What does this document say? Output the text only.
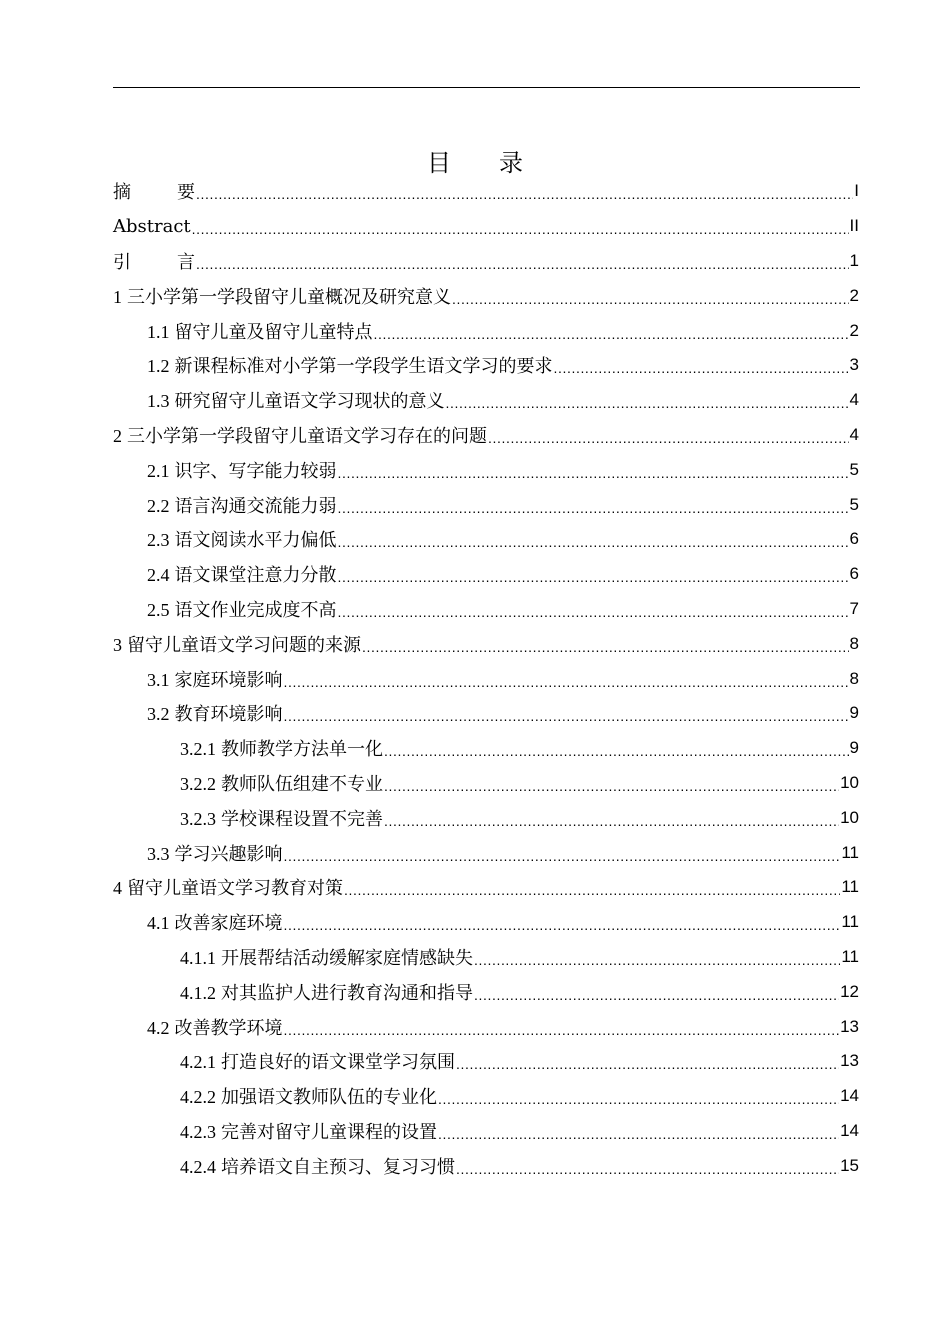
目 录
摘	要 .....	I
Abstract .....	II
引	言 .....	1
1 三小学第一学段留守儿童概况及研究意义 .....	2
1.1 留守儿童及留守儿童特点 .....	2
1.2 新课程标准对小学第一学段学生语文学习的要求 .....	3
1.3 研究留守儿童语文学习现状的意义 .....	4
2 三小学第一学段留守儿童语文学习存在的问题 .....	4
2.1 识字、写字能力较弱 .....	5
2.2 语言沟通交流能力弱 .....	5
2.3 语文阅读水平力偏低 .....	6
2.4 语文课堂注意力分散 .....	6
2.5 语文作业完成度不高 .....	7
3 留守儿童语文学习问题的来源 .....	8
3.1 家庭环境影响 .....	8
3.2 教育环境影响 .....	9
3.2.1 教师教学方法单一化 .....	9
3.2.2 教师队伍组建不专业 .....	10
3.2.3 学校课程设置不完善 .....	10
3.3 学习兴趣影响 .....	11
4 留守儿童语文学习教育对策 .....	11
4.1 改善家庭环境 .....	11
4.1.1 开展帮结活动缓解家庭情感缺失 .....	11
4.1.2 对其监护人进行教育沟通和指导 .....	12
4.2 改善教学环境 .....	13
4.2.1 打造良好的语文课堂学习氛围 .....	13
4.2.2 加强语文教师队伍的专业化 .....	14
4.2.3 完善对留守儿童课程的设置 .....	14
4.2.4 培养语文自主预习、复习习惯 .....	15
